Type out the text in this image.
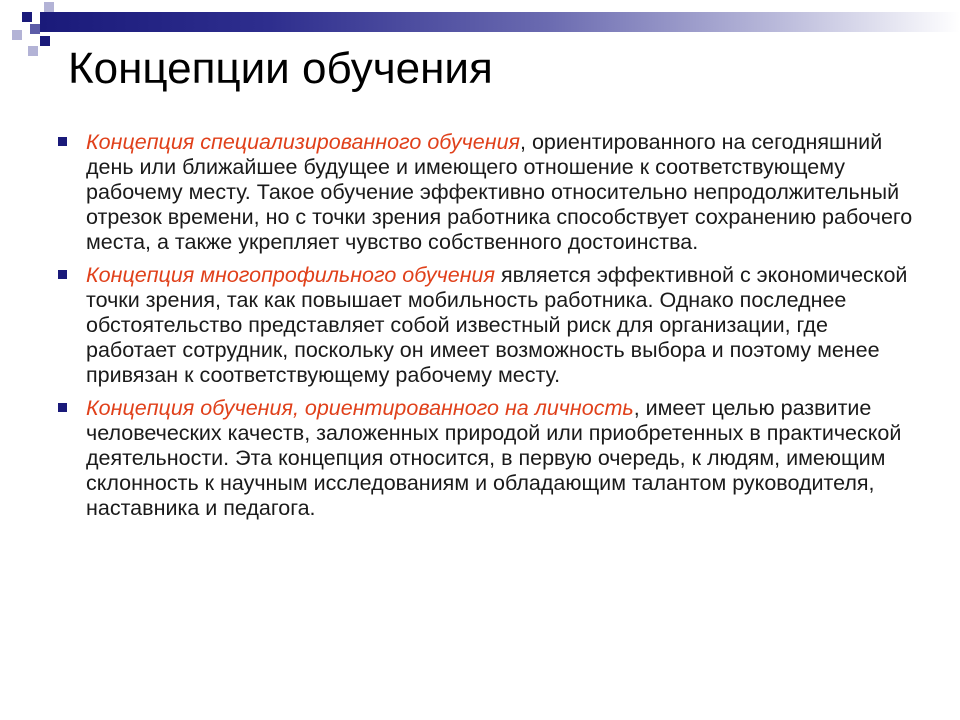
Концепции обучения
Концепция специализированного обучения, ориентированного на сегодняшний день или ближайшее будущее и имеющего отношение к соответствующему рабочему месту. Такое обучение эффективно относительно непродолжительный отрезок времени, но с точки зрения работника способствует сохранению рабочего места, а также укрепляет чувство собственного достоинства.
Концепция многопрофильного обучения является эффективной с экономической точки зрения, так как повышает мобильность работника. Однако последнее обстоятельство представляет собой известный риск для организации, где работает сотрудник, поскольку он имеет возможность выбора и поэтому менее привязан к соответствующему рабочему месту.
Концепция обучения, ориентированного на личность, имеет целью развитие человеческих качеств, заложенных природой или приобретенных в практической деятельности. Эта концепция относится, в первую очередь, к людям, имеющим склонность к научным исследованиям и обладающим талантом руководителя, наставника и педагога.
